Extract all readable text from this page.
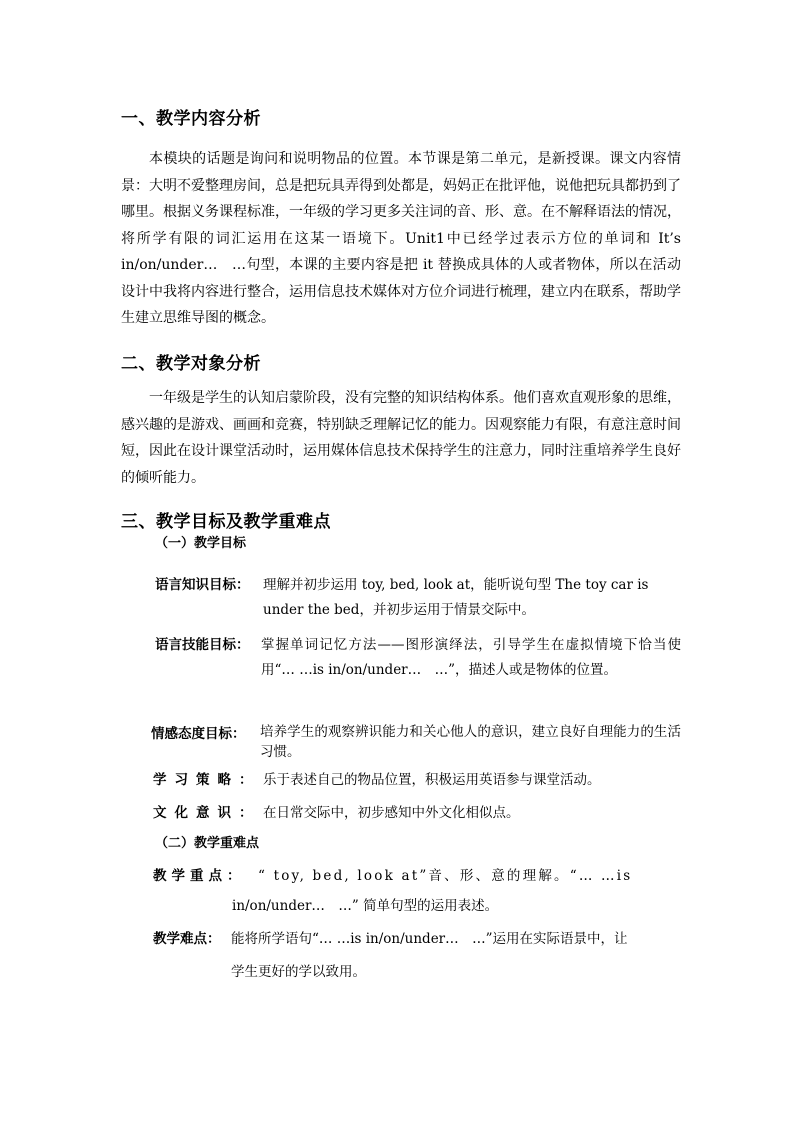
一、教学内容分析
本模块的话题是询问和说明物品的位置。本节课是第二单元，是新授课。课文内容情景：大明不爱整理房间，总是把玩具弄得到处都是，妈妈正在批评他，说他把玩具都扔到了哪里。根据义务课程标准，一年级的学习更多关注词的音、形、意。在不解释语法的情况，将所学有限的词汇运用在这某一语境下。Unit1中已经学过表示方位的单词和 It’s in/on/under…　…句型，本课的主要内容是把 it 替换成具体的人或者物体，所以在活动设计中我将内容进行整合，运用信息技术媒体对方位介词进行梳理，建立内在联系，帮助学生建立思维导图的概念。
二、教学对象分析
一年级是学生的认知启蒙阶段，没有完整的知识结构体系。他们喜欢直观形象的思维，感兴趣的是游戏、画画和竞赛，特别缺乏理解记忆的能力。因观察能力有限，有意注意时间短，因此在设计课堂活动时，运用媒体信息技术保持学生的注意力，同时注重培养学生良好的倾听能力。
三、教学目标及教学重难点
（一）教学目标
语言知识目标： 理解并初步运用 toy, bed, look at，能听说句型 The toy car is
under the bed，并初步运用于情景交际中。
语言技能目标： 掌握单词记忆方法——图形演绎法，引导学生在虚拟情境下恰当使用“… …is in/on/under…　…”，描述人或是物体的位置。
情感态度目标： 培养学生的观察辨识能力和关心他人的意识，建立良好自理能力的生活习惯。
学习策略： 乐于表述自己的物品位置，积极运用英语参与课堂活动。
文化意识： 在日常交际中，初步感知中外文化相似点。
（二）教学重难点
教学重点： “ toy, bed, look at”音、形、意的理解。“… …is
in/on/under…　…” 简单句型的运用表述。
教学难点： 能将所学语句“… …is in/on/under…　…”运用在实际语景中，让
学生更好的学以致用。
